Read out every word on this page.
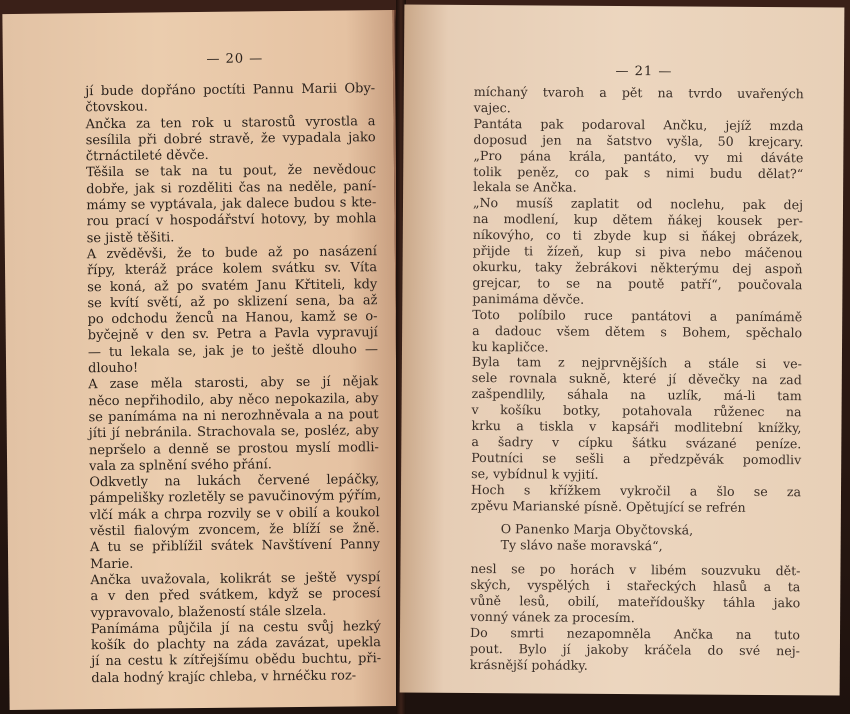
— 20 —
jí bude dopřáno poctíti Pannu Marii Oby-
čtovskou.
Ančka za ten rok u starostů vyrostla a
sesílila při dobré stravě, že vypadala jako
čtrnáctileté děvče.
Těšila se tak na tu pout, že nevědouc
dobře, jak si rozděliti čas na neděle, paní-
mámy se vyptávala, jak dalece budou s kte-
rou prací v hospodářství hotovy, by mohla
se jistě těšiti.
A zvěděvši, že to bude až po nasázení
řípy, kteráž práce kolem svátku sv. Víta
se koná, až po svatém Janu Křtiteli, kdy
se kvítí světí, až po sklizení sena, ba až
po odchodu ženců na Hanou, kamž se o-
byčejně v den sv. Petra a Pavla vypravují
— tu lekala se, jak je to ještě dlouho —
dlouho!
A zase měla starosti, aby se jí nějak
něco nepřihodilo, aby něco nepokazila, aby
se panímáma na ni nerozhněvala a na pout
jíti jí nebránila. Strachovala se, posléz, aby
nepršelo a denně se prostou myslí modli-
vala za splnění svého přání.
Odkvetly na lukách červené lepáčky,
pámpelišky rozletěly se pavučinovým pýřím,
vlčí mák a chrpa rozvily se v obilí a koukol
věstil fialovým zvoncem, že blíží se žně.
A tu se přiblížil svátek Navštívení Panny
Marie.
Ančka uvažovala, kolikrát se ještě vyspí
a v den před svátkem, když se procesí
vypravovalo, blažeností stále slzela.
Panímáma půjčila jí na cestu svůj hezký
košík do plachty na záda zavázat, upekla
jí na cestu k zítřejšímu obědu buchtu, při-
dala hodný krajíc chleba, v hrnéčku roz-
— 21 —
míchaný tvaroh a pět na tvrdo uvařených
vajec.
Pantáta pak podaroval Ančku, jejíž mzda
doposud jen na šatstvo vyšla, 50 krejcary.
„Pro pána krála, pantáto, vy mi dáváte
tolik peněz, co pak s nimi budu dělat?“
lekala se Ančka.
„No musíš zaplatit od noclehu, pak dej
na modlení, kup dětem ňákej kousek per-
níkovýho, co ti zbyde kup si ňákej obrázek,
přijde ti žízeň, kup si piva nebo máčenou
okurku, taky žebrákovi některýmu dej aspoň
grejcar, to se na poutě patří“, poučovala
panimáma děvče.
Toto políbilo ruce pantátovi a panímámě
a dadouc všem dětem s Bohem, spěchalo
ku kapličce.
Byla tam z nejprvnějších a stále si ve-
sele rovnala sukně, které jí děvečky na zad
zašpendlily, sáhala na uzlík, má-li tam
v košíku botky, potahovala růženec na
krku a tiskla v kapsáři modlitební knížky,
a šadry v cípku šátku svázané peníze.
Poutníci se sešli a předzpěvák pomodliv
se, vybídnul k vyjití.
Hoch s křížkem vykročil a šlo se za
zpěvu Marianské písně. Opětující se refrén
O Panenko Marja Obyčtovská,
Ty slávo naše moravská“,
nesl se po horách v libém souzvuku dět-
ských, vyspělých i stařeckých hlasů a ta
vůně lesů, obilí, mateřídoušky táhla jako
vonný vánek za procesím.
Do smrti nezapomněla Ančka na tuto
pout. Bylo jí jakoby kráčela do své nej-
krásnější pohádky.
